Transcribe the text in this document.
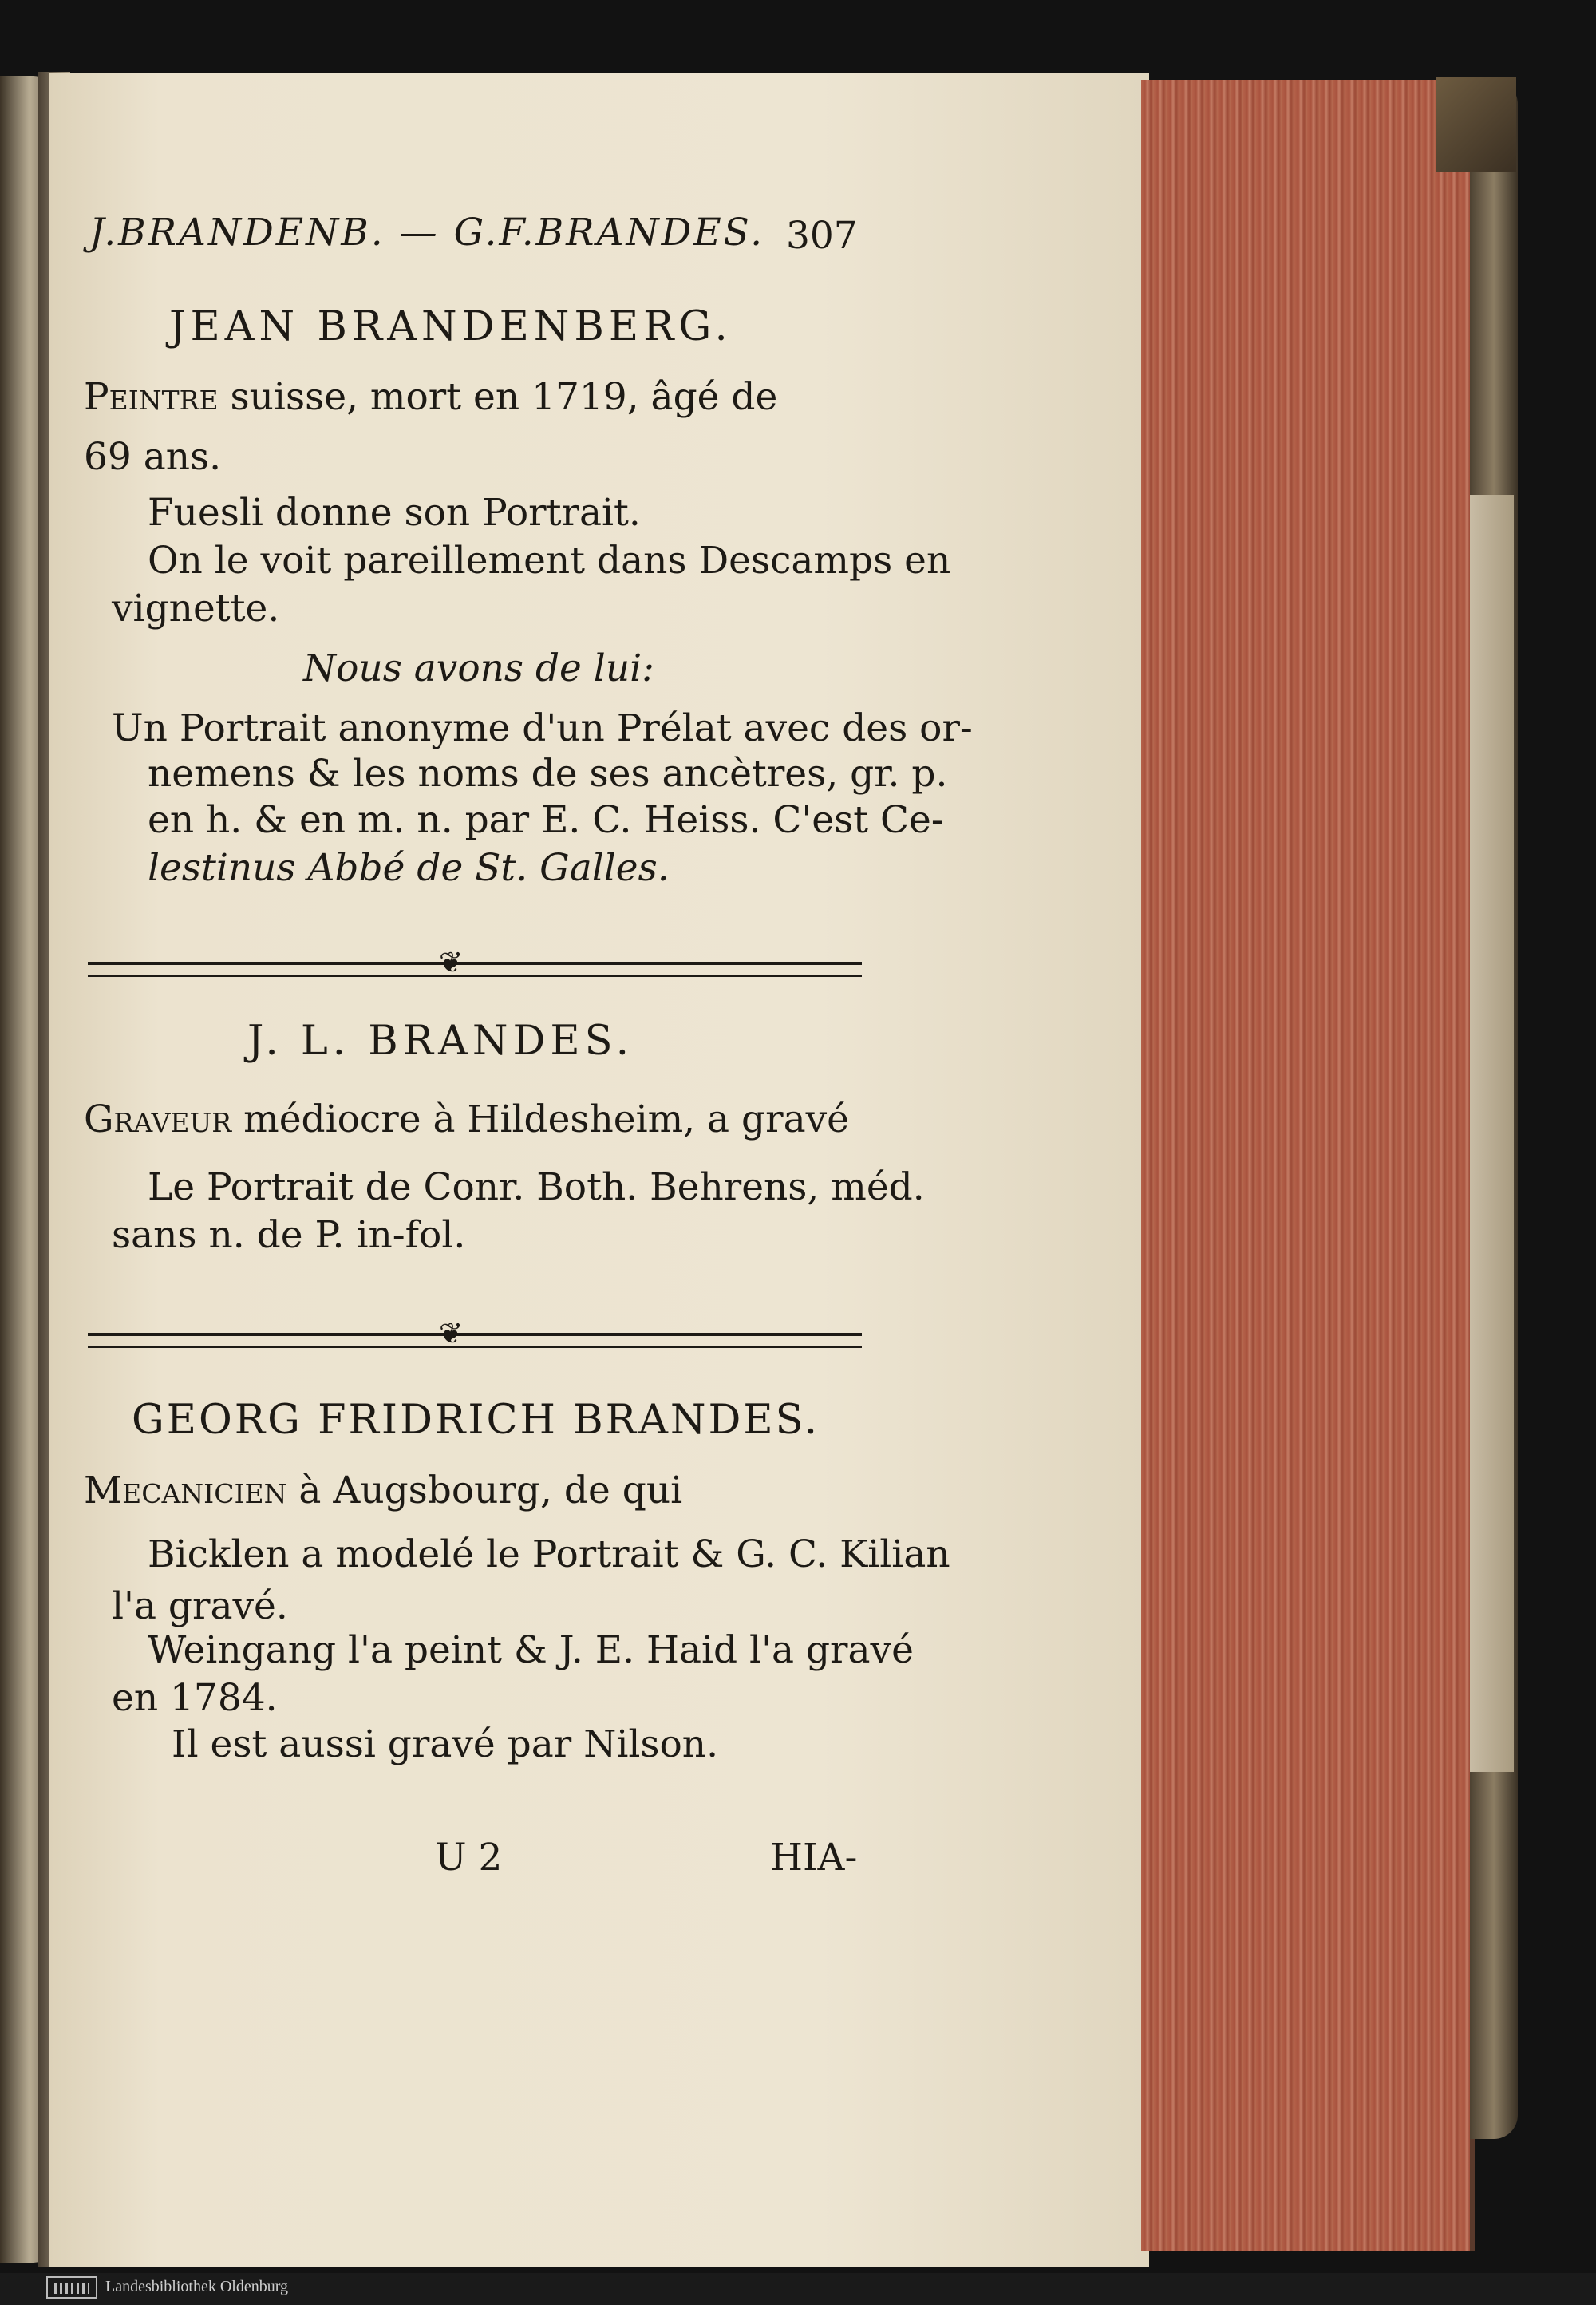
J.BRANDENB. — G.F.BRANDES. 307
JEAN BRANDENBERG.
Peintre suisse, mort en 1719, âgé de
69 ans.
Fuesli donne son Portrait.
On le voit pareillement dans Descamps en
vignette.
Nous avons de lui:
Un Portrait anonyme d'un Prélat avec des or-
nemens & les noms de ses ancètres, gr. p.
en h. & en m. n. par E. C. Heiss. C'est Ce-
lestinus Abbé de St. Galles.
❦
J. L. BRANDES.
Graveur médiocre à Hildesheim, a gravé
Le Portrait de Conr. Both. Behrens, méd.
sans n. de P. in-fol.
❦
GEORG FRIDRICH BRANDES.
Mecanicien à Augsbourg, de qui
Bicklen a modelé le Portrait & G. C. Kilian
l'a gravé.
Weingang l'a peint & J. E. Haid l'a gravé
en 1784.
Il est aussi gravé par Nilson.
U 2	HIA-
Landesbibliothek Oldenburg
